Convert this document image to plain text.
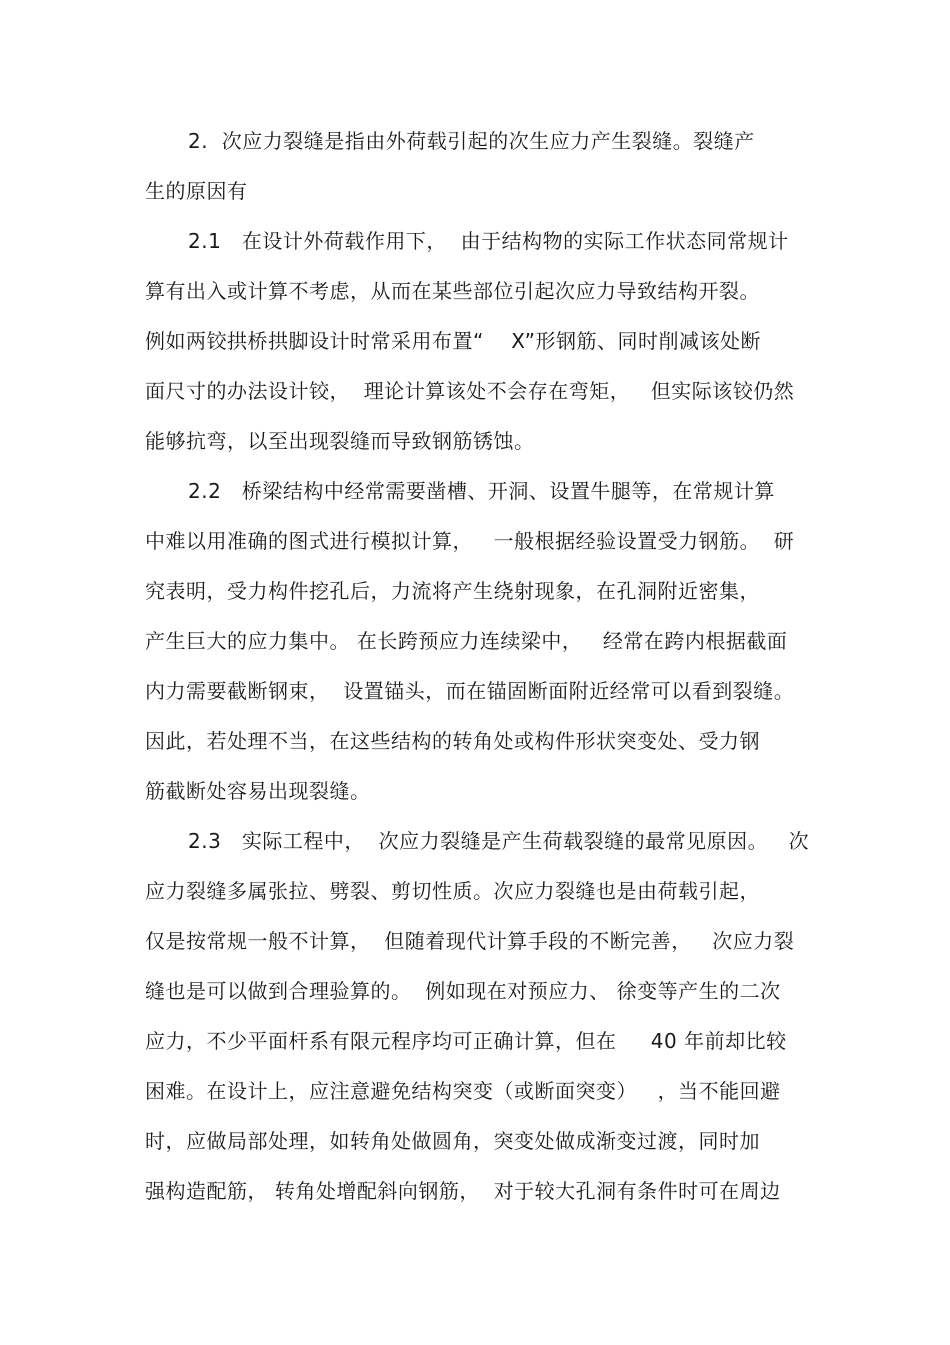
2.  次应力裂缝是指由外荷载引起的次生应力产生裂缝。裂缝产
生的原因有
2.1   在设计外荷载作用下，  由于结构物的实际工作状态同常规计
算有出入或计算不考虑，从而在某些部位引起次应力导致结构开裂。
例如两铰拱桥拱脚设计时常采用布置“    X”形钢筋、同时削减该处断
面尺寸的办法设计铰，  理论计算该处不会存在弯矩，   但实际该铰仍然
能够抗弯，以至出现裂缝而导致钢筋锈蚀。
2.2   桥梁结构中经常需要凿槽、开洞、设置牛腿等，在常规计算
中难以用准确的图式进行模拟计算，   一般根据经验设置受力钢筋。  研
究表明，受力构件挖孔后，力流将产生绕射现象，在孔洞附近密集，
产生巨大的应力集中。 在长跨预应力连续梁中，   经常在跨内根据截面
内力需要截断钢束，  设置锚头，而在锚固断面附近经常可以看到裂缝。
因此，若处理不当，在这些结构的转角处或构件形状突变处、受力钢
筋截断处容易出现裂缝。
2.3   实际工程中，  次应力裂缝是产生荷载裂缝的最常见原因。   次
应力裂缝多属张拉、劈裂、剪切性质。次应力裂缝也是由荷载引起，
仅是按常规一般不计算，  但随着现代计算手段的不断完善，   次应力裂
缝也是可以做到合理验算的。  例如现在对预应力、 徐变等产生的二次
应力，不少平面杆系有限元程序均可正确计算，但在     40 年前却比较
困难。在设计上，应注意避免结构突变（或断面突变）   ，当不能回避
时，应做局部处理，如转角处做圆角，突变处做成渐变过渡，同时加
强构造配筋， 转角处增配斜向钢筋，  对于较大孔洞有条件时可在周边
